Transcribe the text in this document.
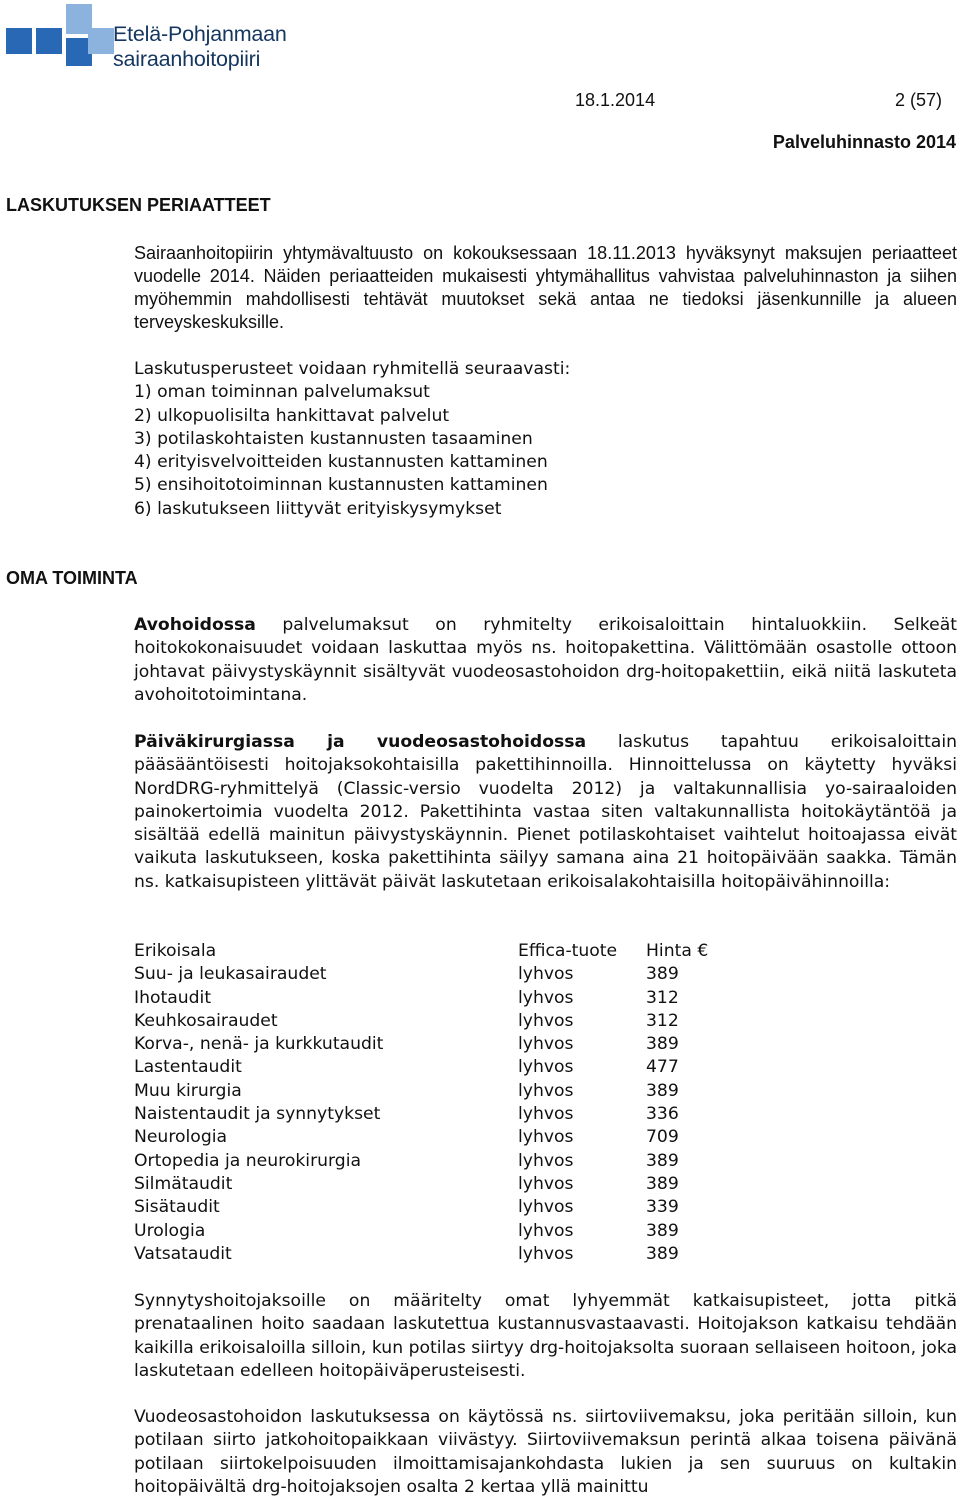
Etelä-Pohjanmaan
sairaanhoitopiiri
18.1.2014	2 (57)
Palveluhinnasto 2014
LASKUTUKSEN PERIAATTEET
Sairaanhoitopiirin yhtymävaltuusto on kokouksessaan 18.11.2013 hyväksynyt maksujen periaatteet vuodelle 2014. Näiden periaatteiden mukaisesti yhtymähallitus vahvistaa palveluhinnaston ja siihen myöhemmin mahdollisesti tehtävät muutokset sekä antaa ne tiedoksi jäsenkunnille ja alueen terveyskeskuksille.
Laskutusperusteet voidaan ryhmitellä seuraavasti:
1) oman toiminnan palvelumaksut
2) ulkopuolisilta hankittavat palvelut
3) potilaskohtaisten kustannusten tasaaminen
4) erityisvelvoitteiden kustannusten kattaminen
5) ensihoitotoiminnan kustannusten kattaminen
6) laskutukseen liittyvät erityiskysymykset
OMA TOIMINTA
Avohoidossa palvelumaksut on ryhmitelty erikoisaloittain hintaluokkiin. Selkeät hoitokokonaisuudet voidaan laskuttaa myös ns. hoitopakettina. Välittömään osastolle ottoon johtavat päivystyskäynnit sisältyvät vuodeosastohoidon drg-hoitopakettiin, eikä niitä laskuteta avohoitotoimintana.
Päiväkirurgiassa ja vuodeosastohoidossa laskutus tapahtuu erikoisaloittain pääsääntöisesti hoitojaksokohtaisilla pakettihinnoilla. Hinnoittelussa on käytetty hyväksi NordDRG-ryhmittelyä (Classic-versio vuodelta 2012) ja valtakunnallisia yo-sairaaloiden painokertoimia vuodelta 2012. Pakettihinta vastaa siten valtakunnallista hoitokäytäntöä ja sisältää edellä mainitun päivystyskäynnin. Pienet potilaskohtaiset vaihtelut hoitoajassa eivät vaikuta laskutukseen, koska pakettihinta säilyy samana aina 21 hoitopäivään saakka. Tämän ns. katkaisupisteen ylittävät päivät laskutetaan erikoisalakohtaisilla hoitopäivähinnoilla:
Erikoisala	Effica-tuote Hinta €
Suu- ja leukasairaudet	lyhvos	389
Ihotaudit	lyhvos	312
Keuhkosairaudet	lyhvos	312
Korva-, nenä- ja kurkkutaudit	lyhvos	389
Lastentaudit	lyhvos	477
Muu kirurgia	lyhvos	389
Naistentaudit ja synnytykset	lyhvos	336
Neurologia	lyhvos	709
Ortopedia ja neurokirurgia	lyhvos	389
Silmätaudit	lyhvos	389
Sisätaudit	lyhvos	339
Urologia	lyhvos	389
Vatsataudit	lyhvos	389
Synnytyshoitojaksoille on määritelty omat lyhyemmät katkaisupisteet, jotta pitkä prenataalinen hoito saadaan laskutettua kustannusvastaavasti. Hoitojakson katkaisu tehdään kaikilla erikoisaloilla silloin, kun potilas siirtyy drg-hoitojaksolta suoraan sellaiseen hoitoon, joka laskutetaan edelleen hoitopäiväperusteisesti.
Vuodeosastohoidon laskutuksessa on käytössä ns. siirtoviivemaksu, joka peritään silloin, kun potilaan siirto jatkohoitopaikkaan viivästyy. Siirtoviivemaksun perintä alkaa toisena päivänä potilaan siirtokelpoisuuden ilmoittamisajankohdasta lukien ja sen suuruus on kultakin hoitopäivältä drg-hoitojaksojen osalta 2 kertaa yllä mainittu
